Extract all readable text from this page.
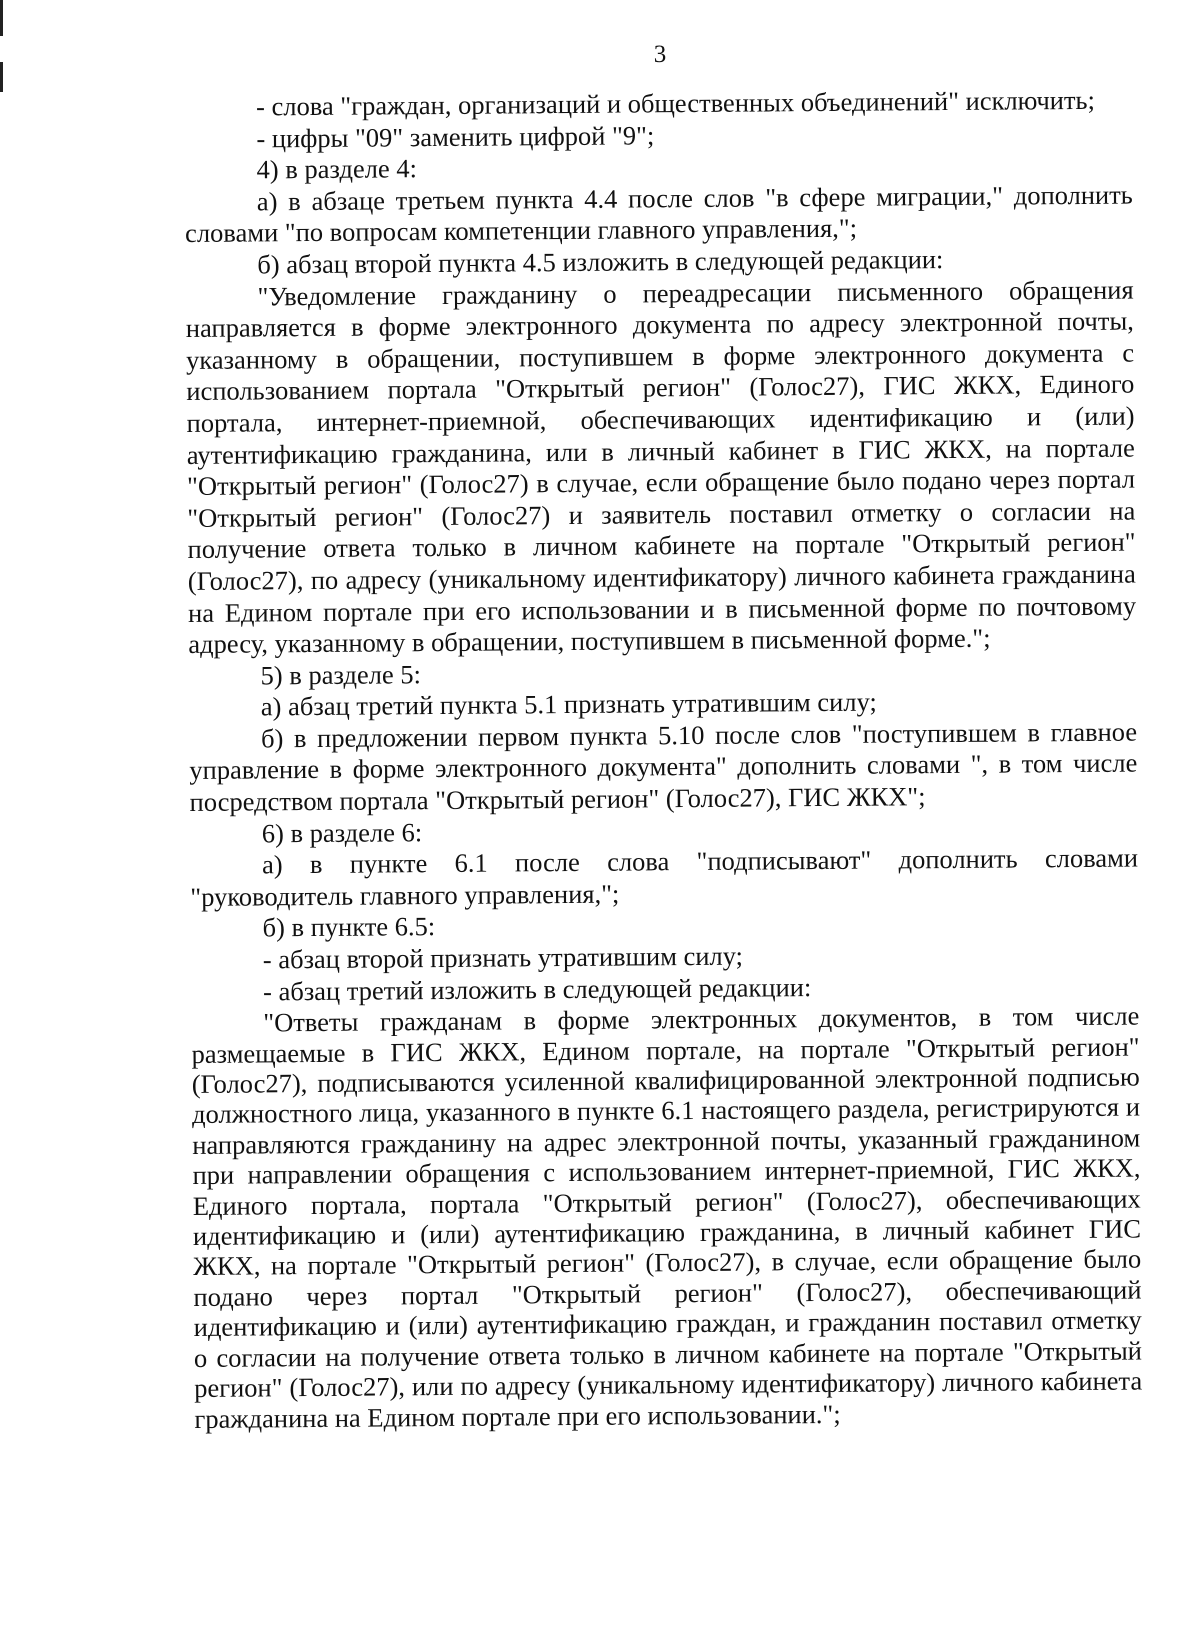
3

- слова "граждан, организаций и общественных объединений" исключить;

- цифры "09" заменить цифрой "9";

4) в разделе 4:

а) в абзаце третьем пункта 4.4 после слов "в сфере миграции," дополнить словами "по вопросам компетенции главного управления,";

б) абзац второй пункта 4.5 изложить в следующей редакции:

"Уведомление гражданину о переадресации письменного обращения направляется в форме электронного документа по адресу электронной почты, указанному в обращении, поступившем в форме электронного документа с использованием портала "Открытый регион" (Голос27), ГИС ЖКХ, Единого портала, интернет-приемной, обеспечивающих идентификацию и (или) аутентификацию гражданина, или в личный кабинет в ГИС ЖКХ, на портале "Открытый регион" (Голос27) в случае, если обращение было подано через портал "Открытый регион" (Голос27) и заявитель поставил отметку о согласии на получение ответа только в личном кабинете на портале "Открытый регион" (Голос27), по адресу (уникальному идентификатору) личного кабинета гражданина на Едином портале при его использовании и в письменной форме по почтовому адресу, указанному в обращении, поступившем в письменной форме.";

5) в разделе 5:

а) абзац третий пункта 5.1 признать утратившим силу;

б) в предложении первом пункта 5.10 после слов "поступившем в главное управление в форме электронного документа" дополнить словами ", в том числе посредством портала "Открытый регион" (Голос27), ГИС ЖКХ";

6) в разделе 6:

а) в пункте 6.1 после слова "подписывают" дополнить словами "руководитель главного управления,";

б) в пункте 6.5:

- абзац второй признать утратившим силу;

- абзац третий изложить в следующей редакции:

"Ответы гражданам в форме электронных документов, в том числе размещаемые в ГИС ЖКХ, Едином портале, на портале "Открытый регион" (Голос27), подписываются усиленной квалифицированной электронной подписью должностного лица, указанного в пункте 6.1 настоящего раздела, регистрируются и направляются гражданину на адрес электронной почты, указанный гражданином при направлении обращения с использованием интернет-приемной, ГИС ЖКХ, Единого портала, портала "Открытый регион" (Голос27), обеспечивающих идентификацию и (или) аутентификацию гражданина, в личный кабинет ГИС ЖКХ, на портале "Открытый регион" (Голос27), в случае, если обращение было подано через портал "Открытый регион" (Голос27), обеспечивающий идентификацию и (или) аутентификацию граждан, и гражданин поставил отметку о согласии на получение ответа только в личном кабинете на портале "Открытый регион" (Голос27), или по адресу (уникальному идентификатору) личного кабинета гражданина на Едином портале при его использовании.";
